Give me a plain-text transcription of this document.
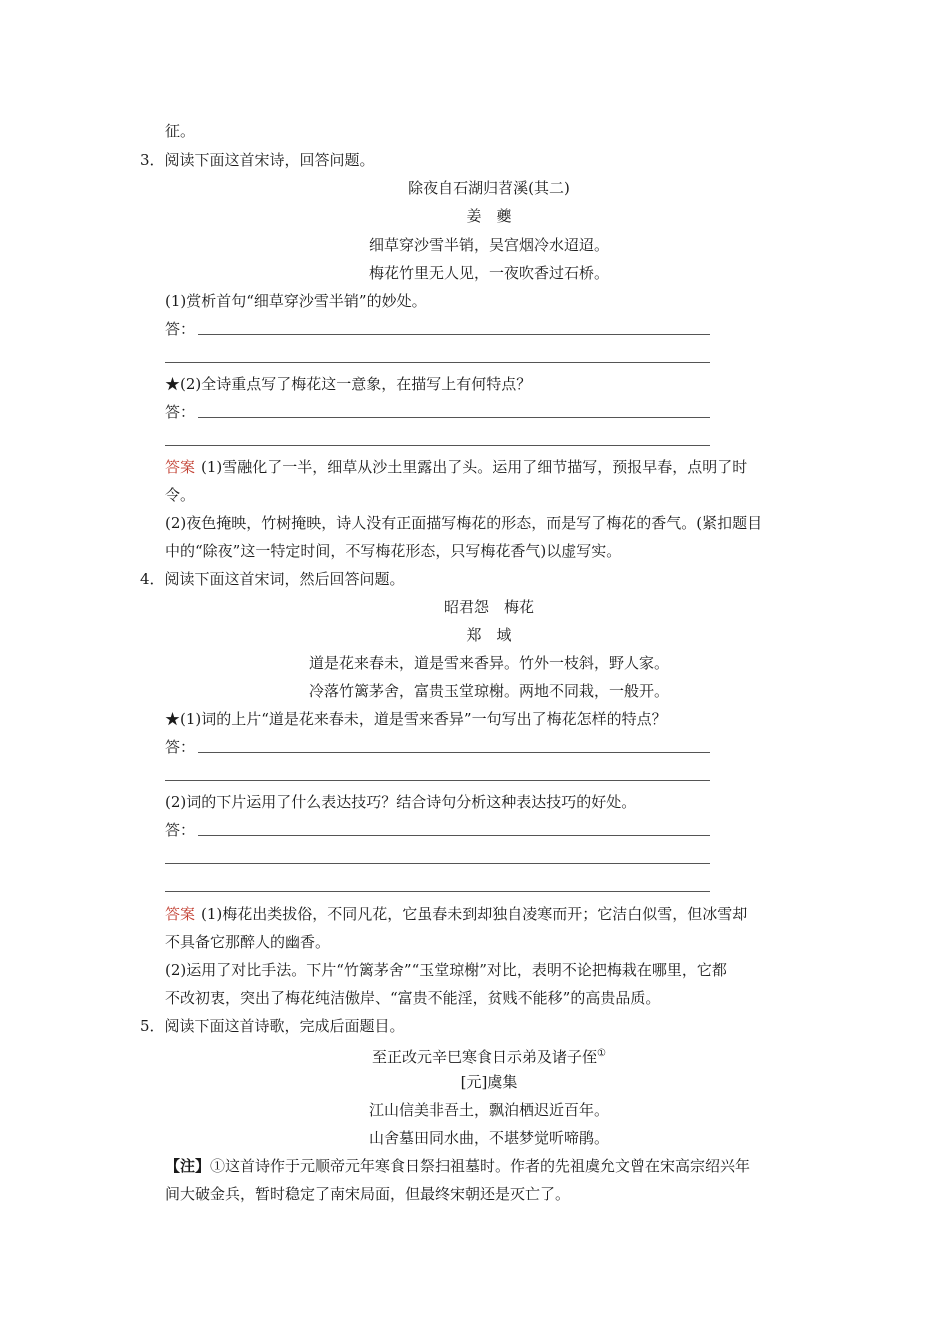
征。
3．阅读下面这首宋诗，回答问题。
除夜自石湖归苕溪(其二)
姜　夔
细草穿沙雪半销，吴宫烟冷水迢迢。
梅花竹里无人见，一夜吹香过石桥。
(1)赏析首句“细草穿沙雪半销”的妙处。
答：
★(2)全诗重点写了梅花这一意象，在描写上有何特点？
答：
答案 (1)雪融化了一半，细草从沙土里露出了头。运用了细节描写，预报早春，点明了时
令。
(2)夜色掩映，竹树掩映，诗人没有正面描写梅花的形态，而是写了梅花的香气。(紧扣题目
中的“除夜”这一特定时间，不写梅花形态，只写梅花香气)以虚写实。
4．阅读下面这首宋词，然后回答问题。
昭君怨　梅花
郑　域
道是花来春未，道是雪来香异。竹外一枝斜，野人家。
冷落竹篱茅舍，富贵玉堂琼榭。两地不同栽，一般开。
★(1)词的上片“道是花来春未，道是雪来香异”一句写出了梅花怎样的特点？
答：
(2)词的下片运用了什么表达技巧？结合诗句分析这种表达技巧的好处。
答：
答案 (1)梅花出类拔俗，不同凡花，它虽春未到却独自凌寒而开；它洁白似雪，但冰雪却
不具备它那醉人的幽香。
(2)运用了对比手法。下片“竹篱茅舍”“玉堂琼榭”对比，表明不论把梅栽在哪里，它都
不改初衷，突出了梅花纯洁傲岸、“富贵不能淫，贫贱不能移”的高贵品质。
5．阅读下面这首诗歌，完成后面题目。
至正改元辛巳寒食日示弟及诸子侄①
[元]虞集
江山信美非吾土，飘泊栖迟近百年。
山舍墓田同水曲，不堪梦觉听啼鹃。
【注】①这首诗作于元顺帝元年寒食日祭扫祖墓时。作者的先祖虞允文曾在宋高宗绍兴年
间大破金兵，暂时稳定了南宋局面，但最终宋朝还是灭亡了。
